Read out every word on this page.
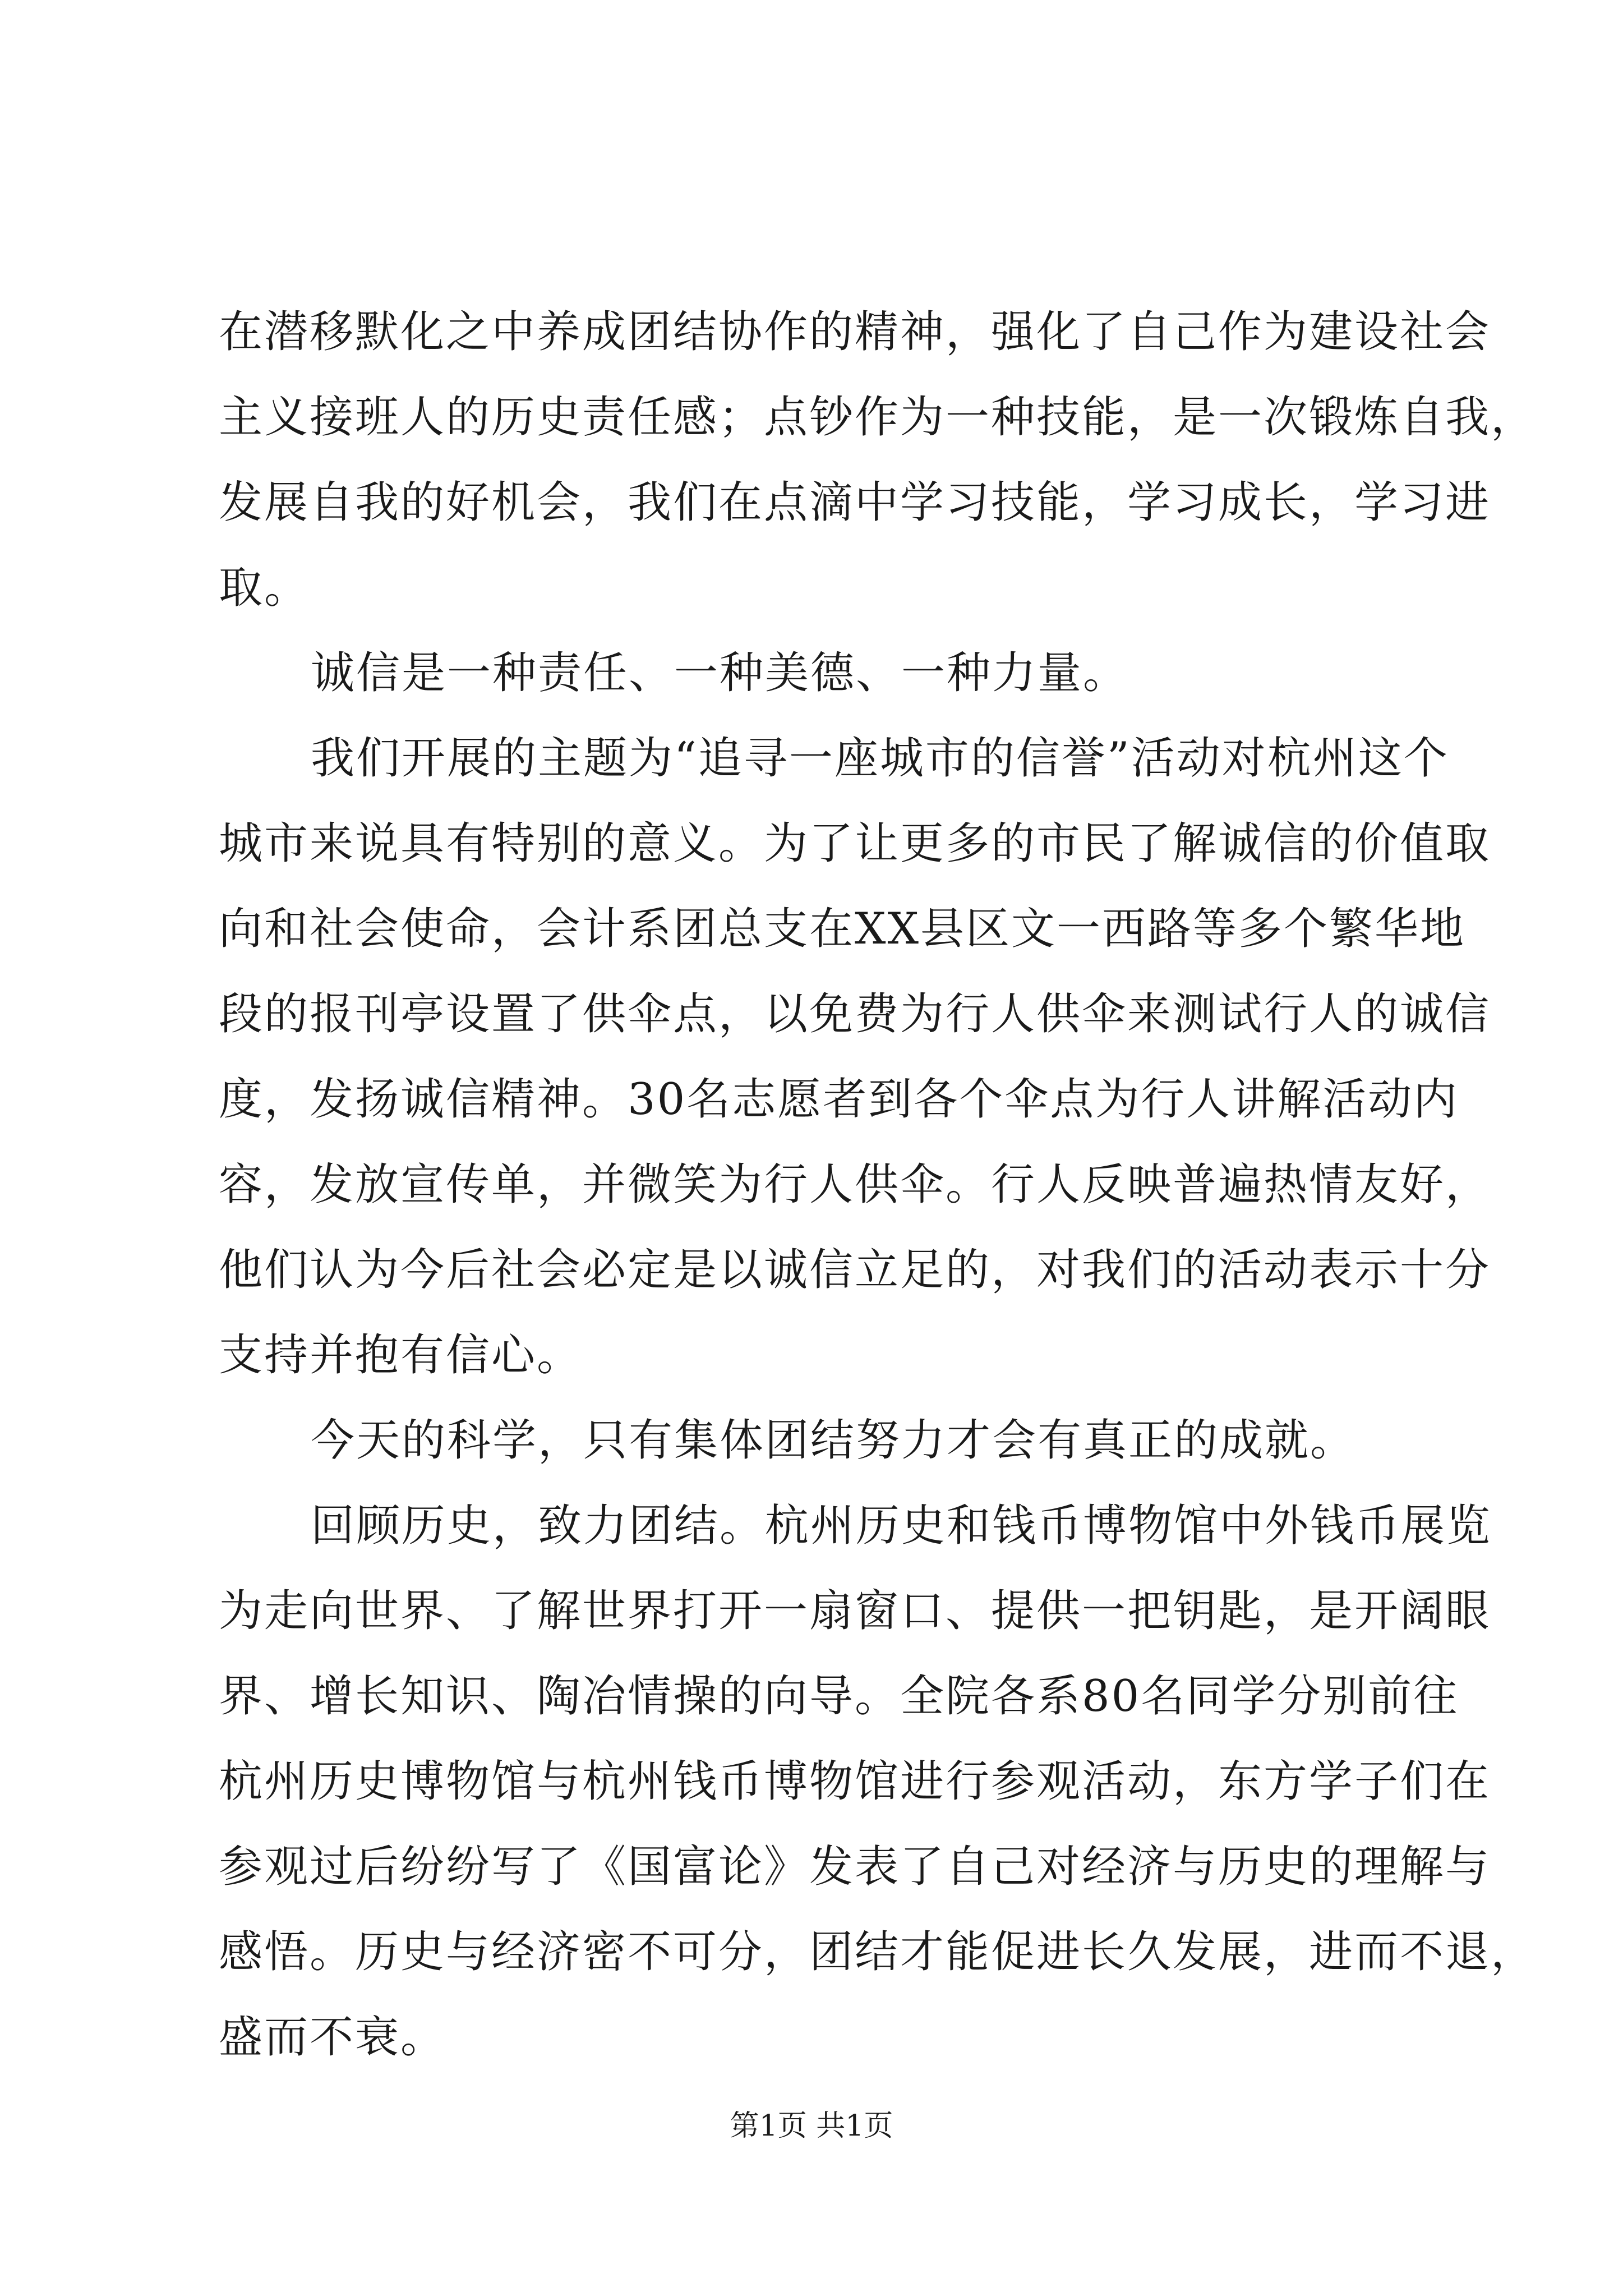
在潜移默化之中养成团结协作的精神，强化了自己作为建设社会
主义接班人的历史责任感；点钞作为一种技能，是一次锻炼自我，
发展自我的好机会，我们在点滴中学习技能，学习成长，学习进
取。
诚信是一种责任、一种美德、一种力量。
我们开展的主题为“追寻一座城市的信誉”活动对杭州这个
城市来说具有特别的意义。为了让更多的市民了解诚信的价值取
向和社会使命，会计系团总支在XX县区文一西路等多个繁华地
段的报刊亭设置了供伞点，以免费为行人供伞来测试行人的诚信
度，发扬诚信精神。30名志愿者到各个伞点为行人讲解活动内
容，发放宣传单，并微笑为行人供伞。行人反映普遍热情友好，
他们认为今后社会必定是以诚信立足的，对我们的活动表示十分
支持并抱有信心。
今天的科学，只有集体团结努力才会有真正的成就。
回顾历史，致力团结。杭州历史和钱币博物馆中外钱币展览
为走向世界、了解世界打开一扇窗口、提供一把钥匙，是开阔眼
界、增长知识、陶冶情操的向导。全院各系80名同学分别前往
杭州历史博物馆与杭州钱币博物馆进行参观活动，东方学子们在
参观过后纷纷写了《国富论》发表了自己对经济与历史的理解与
感悟。历史与经济密不可分，团结才能促进长久发展，进而不退，
盛而不衰。
第1页 共1页
